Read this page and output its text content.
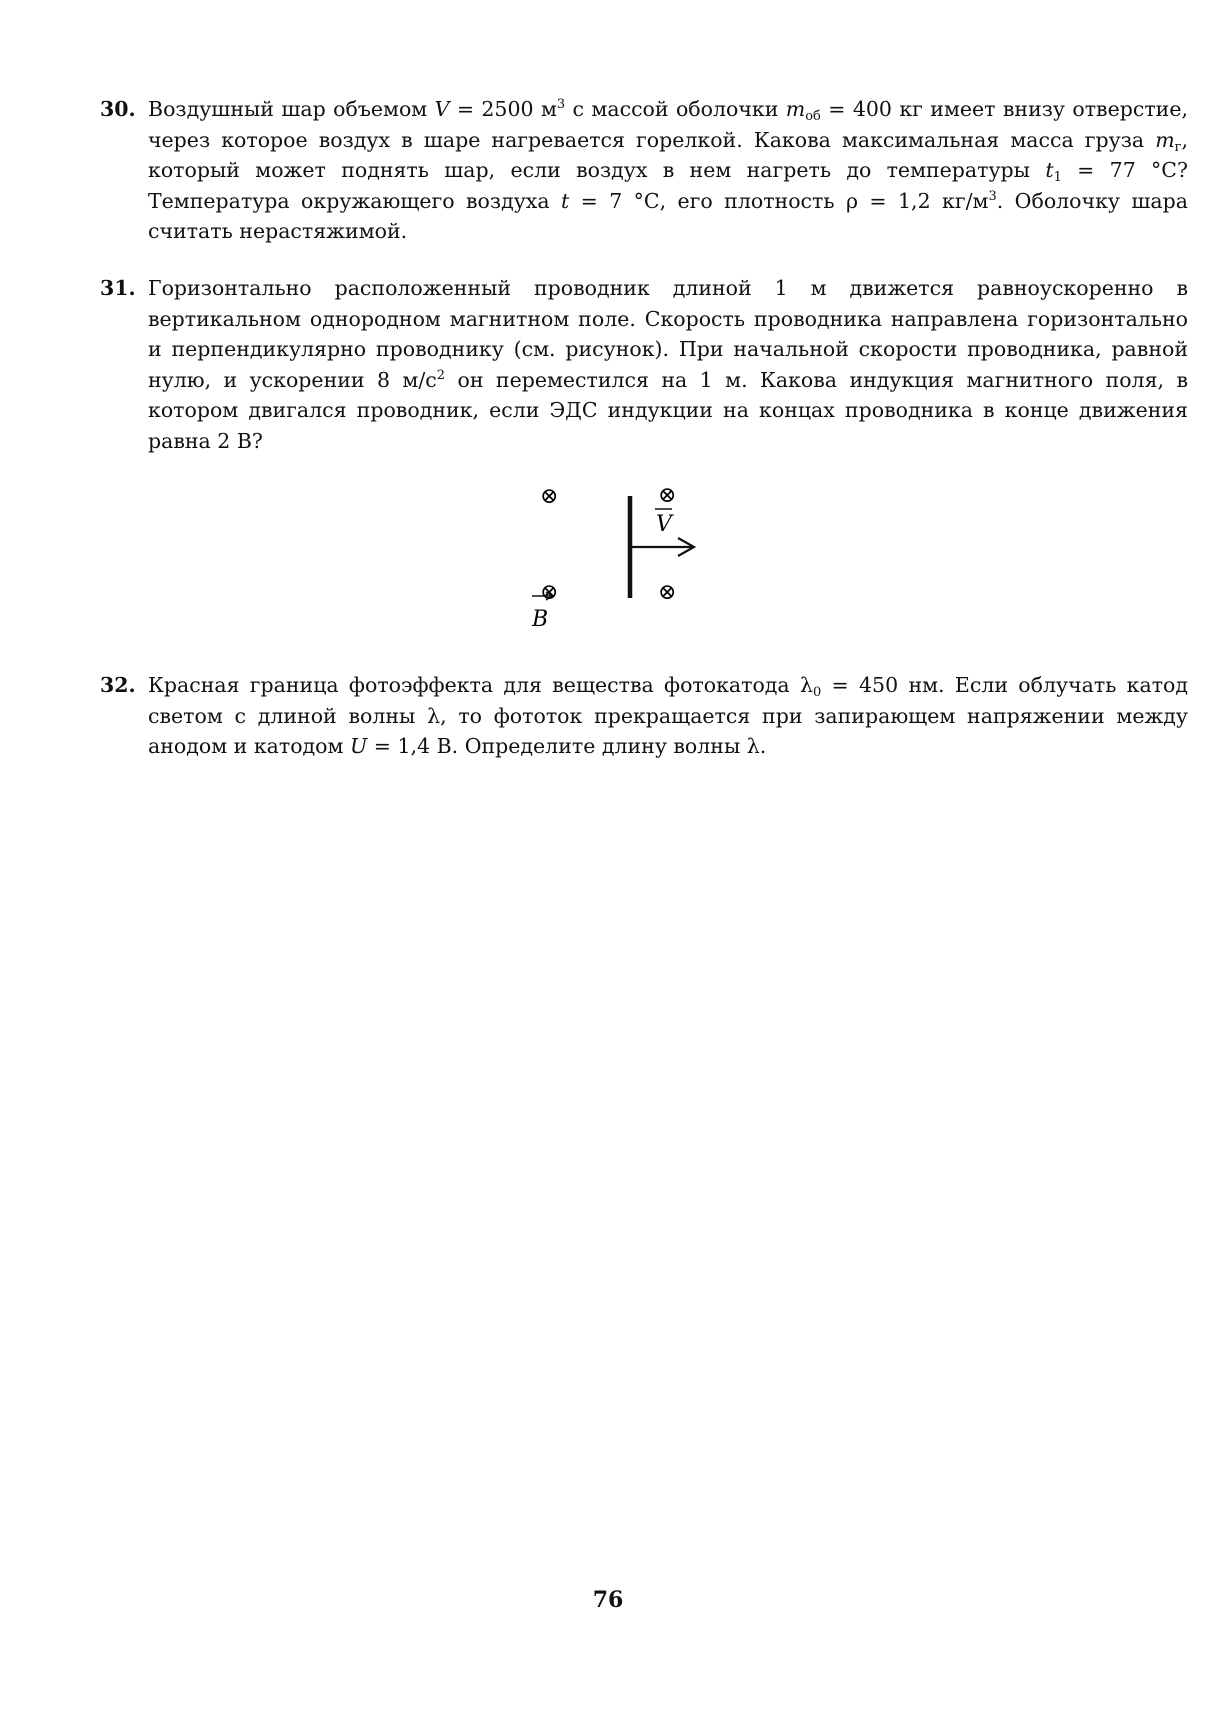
30. Воздушный шар объемом V = 2500 $м^3$ с массой оболочки $m_{об} = 400$ кг имеет внизу отверстие, через которое воздух в шаре нагревается горелкой. Какова максимальная масса груза $m_г$, который может поднять шар, если воздух в нем нагреть до температуры $t_1 = 77$ °С? Температура окружающего воздуха t = 7 °С, его плотность ρ = 1,2 $кг/м^3$. Оболочку шара считать нерастяжимой.
31. Горизонтально расположенный проводник длиной 1 м движется равноускоренно в вертикальном однородном магнитном поле. Скорость проводника направлена горизонтально и перпендикулярно проводнику (см. рисунок). При начальной скорости проводника, равной нулю, и ускорении 8 $м/с^2$ он переместился на 1 м. Какова индукция магнитного поля, в котором двигался проводник, если ЭДС индукции на концах проводника в конце движения равна 2 В?
⊗	⊗
⊗	⊗
V
B
32. Красная граница фотоэффекта для вещества фотокатода $\lambda_0 = 450$ нм. Если облучать катод светом с длиной волны λ, то фототок прекращается при запирающем напряжении между анодом и катодом U = 1,4 В. Определите длину волны λ.
76
